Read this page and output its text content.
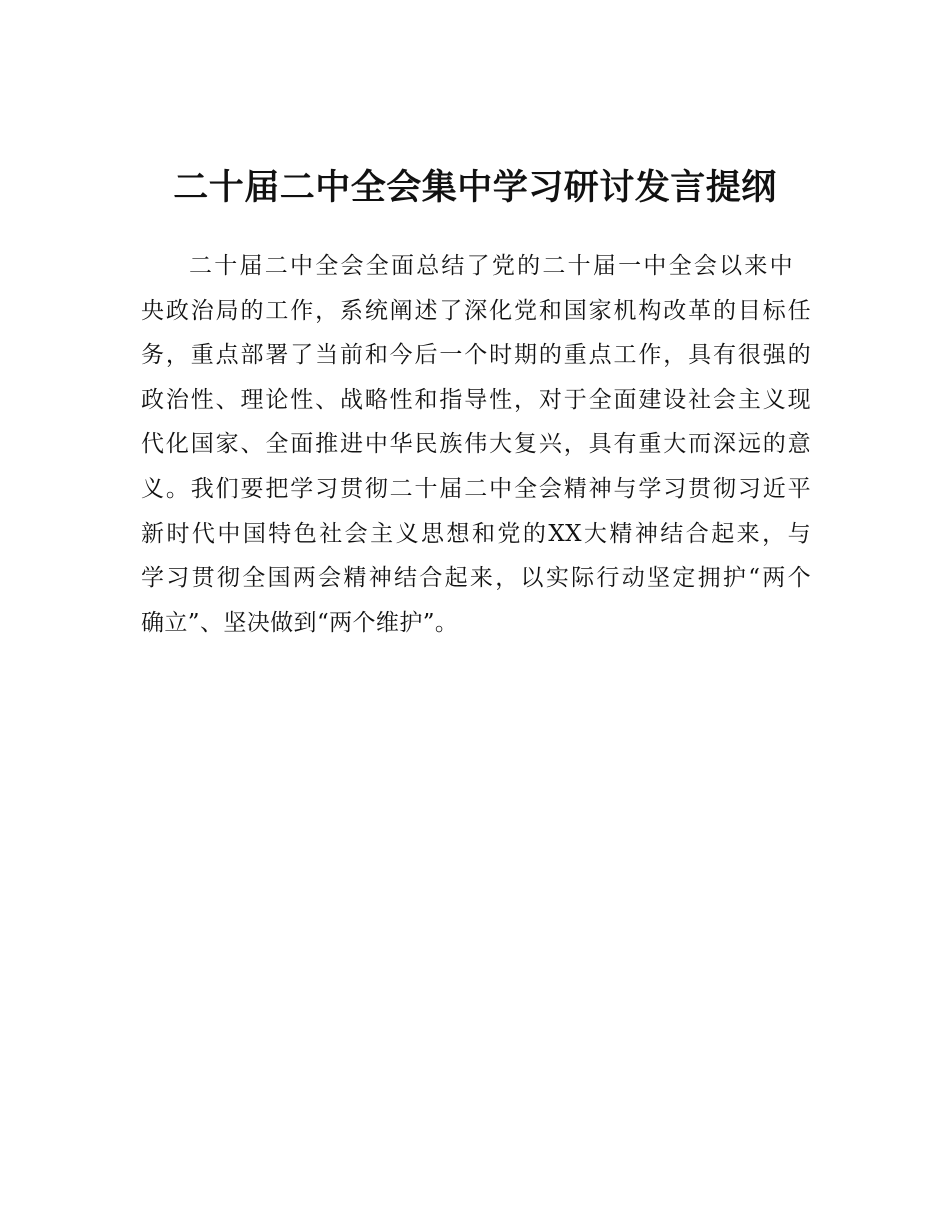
二十届二中全会集中学习研讨发言提纲
二十届二中全会全面总结了党的二十届一中全会以来中
央政治局的工作，系统阐述了深化党和国家机构改革的目标任
务，重点部署了当前和今后一个时期的重点工作，具有很强的
政治性、理论性、战略性和指导性，对于全面建设社会主义现
代化国家、全面推进中华民族伟大复兴，具有重大而深远的意
义。我们要把学习贯彻二十届二中全会精神与学习贯彻习近平
新时代中国特色社会主义思想和党的XX大精神结合起来，与
学习贯彻全国两会精神结合起来，以实际行动坚定拥护“两个
确立”、坚决做到“两个维护”。
